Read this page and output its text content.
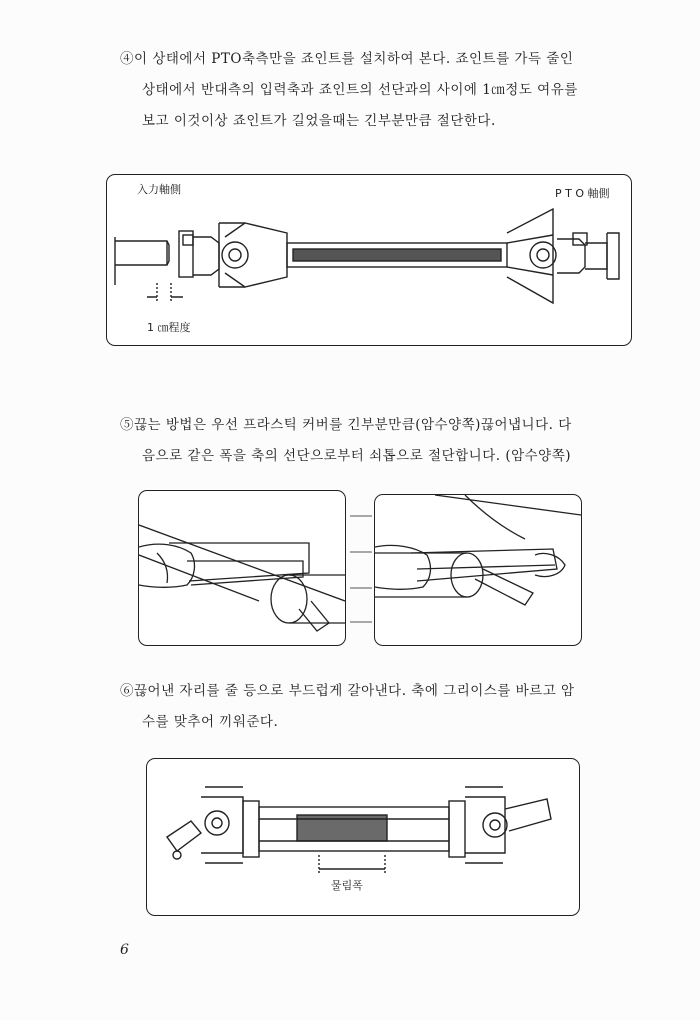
④이 상태에서 PTO축측만을 죠인트를 설치하여 본다. 죠인트를 가득 줄인
상태에서 반대측의 입력축과 죠인트의 선단과의 사이에 1㎝정도 여유를
보고 이것이상 죠인트가 길었을때는 긴부분만큼 절단한다.
入力軸側	P T O 軸側
1 ㎝程度
⑤끊는 방법은 우선 프라스틱 커버를 긴부분만큼(암수양쪽)끊어냅니다. 다
음으로 같은 폭을 축의 선단으로부터 쇠톱으로 절단합니다. (암수양쪽)
⑥끊어낸 자리를 줄 등으로 부드럽게 갈아낸다. 축에 그리이스를 바르고 암
수를 맞추어 끼워준다.
물림폭
6
